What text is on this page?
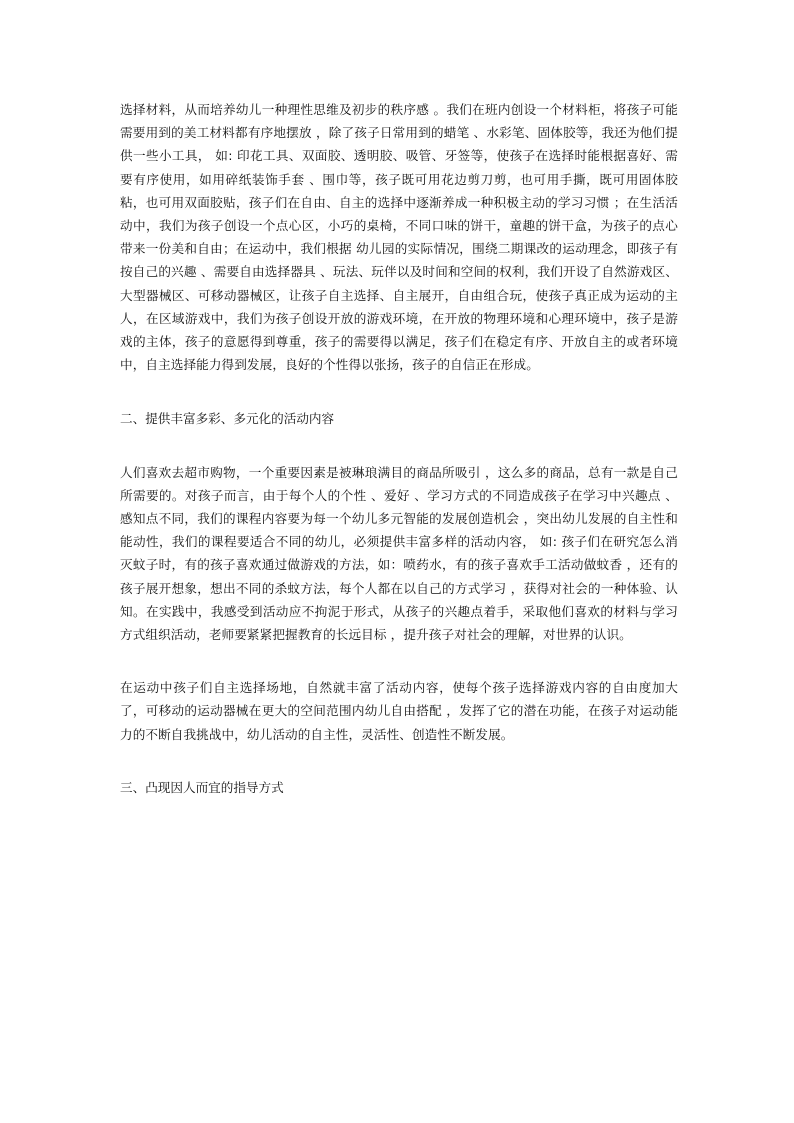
选择材料，从而培养幼儿一种理性思维及初步的秩序感 。我们在班内创设一个材料柜，将孩子可能需要用到的美工材料都有序地摆放 ，除了孩子日常用到的蜡笔 、水彩笔、固体胶等，我还为他们提供一些小工具， 如: 印花工具、双面胶、透明胶、吸管、牙签等，使孩子在选择时能根据喜好、需要有序使用，如用碎纸装饰手套 、围巾等，孩子既可用花边剪刀剪，也可用手撕，既可用固体胶粘，也可用双面胶贴，孩子们在自由、自主的选择中逐渐养成一种积极主动的学习习惯 ；在生活活动中，我们为孩子创设一个点心区，小巧的桌椅，不同口味的饼干，童趣的饼干盒，为孩子的点心带来一份美和自由；在运动中，我们根据 幼儿园的实际情况，围绕二期课改的运动理念，即孩子有按自己的兴趣 、需要自由选择器具 、玩法、玩伴以及时间和空间的权利，我们开设了自然游戏区、大型器械区、可移动器械区，让孩子自主选择、自主展开，自由组合玩，使孩子真正成为运动的主人，在区域游戏中，我们为孩子创设开放的游戏环境，在开放的物理环境和心理环境中，孩子是游戏的主体，孩子的意愿得到尊重，孩子的需要得以满足，孩子们在稳定有序、开放自主的或者环境中，自主选择能力得到发展，良好的个性得以张扬，孩子的自信正在形成。

二、提供丰富多彩、多元化的活动内容

人们喜欢去超市购物，一个重要因素是被琳琅满目的商品所吸引 ，这么多的商品，总有一款是自己所需要的。对孩子而言，由于每个人的个性 、爱好 、学习方式的不同造成孩子在学习中兴趣点 、感知点不同，我们的课程内容要为每一个幼儿多元智能的发展创造机会 ，突出幼儿发展的自主性和能动性，我们的课程要适合不同的幼儿，必须提供丰富多样的活动内容， 如: 孩子们在研究怎么消灭蚊子时，有的孩子喜欢通过做游戏的方法，如：喷药水，有的孩子喜欢手工活动做蚊香 ，还有的孩子展开想象，想出不同的杀蚊方法，每个人都在以自己的方式学习 ，获得对社会的一种体验、认知。在实践中，我感受到活动应不拘泥于形式，从孩子的兴趣点着手，采取他们喜欢的材料与学习方式组织活动，老师要紧紧把握教育的长远目标 ，提升孩子对社会的理解，对世界的认识。

在运动中孩子们自主选择场地，自然就丰富了活动内容，使每个孩子选择游戏内容的自由度加大了，可移动的运动器械在更大的空间范围内幼儿自由搭配 ，发挥了它的潜在功能，在孩子对运动能力的不断自我挑战中，幼儿活动的自主性，灵活性、创造性不断发展。

三、凸现因人而宜的指导方式
